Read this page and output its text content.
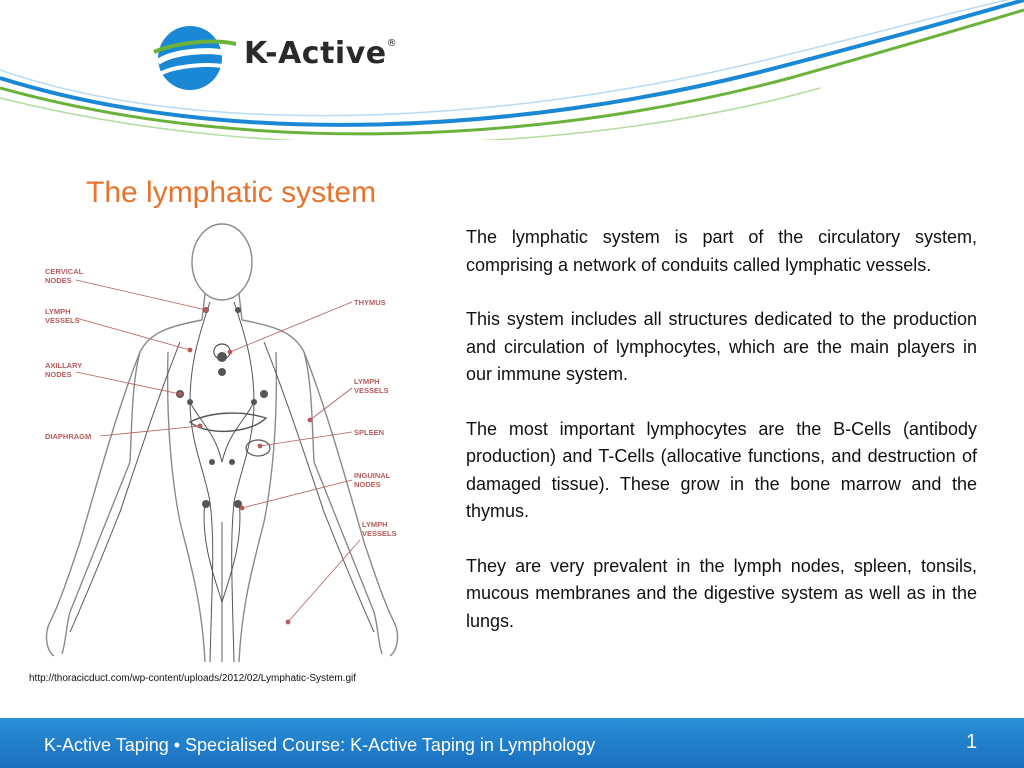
K-Active®
The lymphatic system
CERVICAL
NODES
LYMPH
VESSELS
AXILLARY
NODES
DIAPHRAGM
THYMUS
LYMPH
VESSELS
SPLEEN
INGUINAL
NODES
LYMPH
VESSELS
http://thoracicduct.com/wp-content/uploads/2012/02/Lymphatic-System.gif

The lymphatic system is part of the circulatory system, comprising a network of conduits called lymphatic vessels.

This system includes all structures dedicated to the production and circulation of lymphocytes, which are the main players in our immune system.

The most important lymphocytes are the B-Cells (antibody production) and T-Cells (allocative functions, and destruction of damaged tissue). These grow in the bone marrow and the thymus.

They are very prevalent in the lymph nodes, spleen, tonsils, mucous membranes and the digestive system as well as in the lungs.

K-Active Taping • Specialised Course: K-Active Taping in Lymphology	1
